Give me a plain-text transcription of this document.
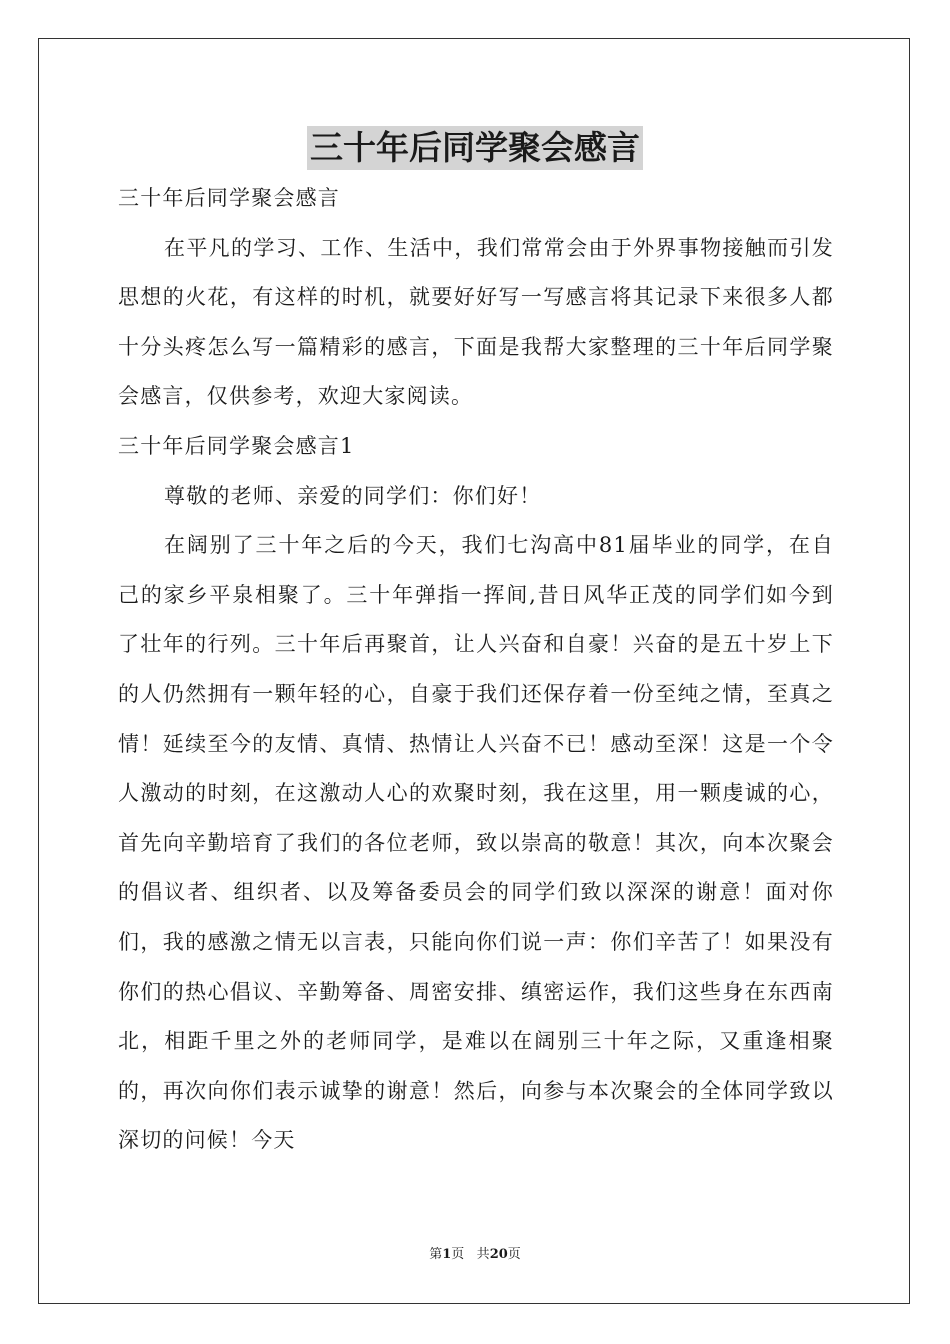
三十年后同学聚会感言

三十年后同学聚会感言

在平凡的学习、工作、生活中，我们常常会由于外界事物接触而引发思想的火花，有这样的时机，就要好好写一写感言将其记录下来很多人都十分头疼怎么写一篇精彩的感言，下面是我帮大家整理的三十年后同学聚会感言，仅供参考，欢迎大家阅读。

三十年后同学聚会感言1

尊敬的老师、亲爱的同学们：你们好！

在阔别了三十年之后的今天，我们七沟高中81届毕业的同学，在自己的家乡平泉相聚了。三十年弹指一挥间,昔日风华正茂的同学们如今到了壮年的行列。三十年后再聚首，让人兴奋和自豪！兴奋的是五十岁上下的人仍然拥有一颗年轻的心，自豪于我们还保存着一份至纯之情，至真之情！延续至今的友情、真情、热情让人兴奋不已！感动至深！这是一个令人激动的时刻，在这激动人心的欢聚时刻，我在这里，用一颗虔诚的心，首先向辛勤培育了我们的各位老师，致以崇高的敬意！其次，向本次聚会的倡议者、组织者、以及筹备委员会的同学们致以深深的谢意！面对你们，我的感激之情无以言表，只能向你们说一声：你们辛苦了！如果没有你们的热心倡议、辛勤筹备、周密安排、缜密运作，我们这些身在东西南北，相距千里之外的老师同学，是难以在阔别三十年之际，又重逢相聚的，再次向你们表示诚挚的谢意！然后，向参与本次聚会的全体同学致以深切的问候！今天

第1页 共20页
